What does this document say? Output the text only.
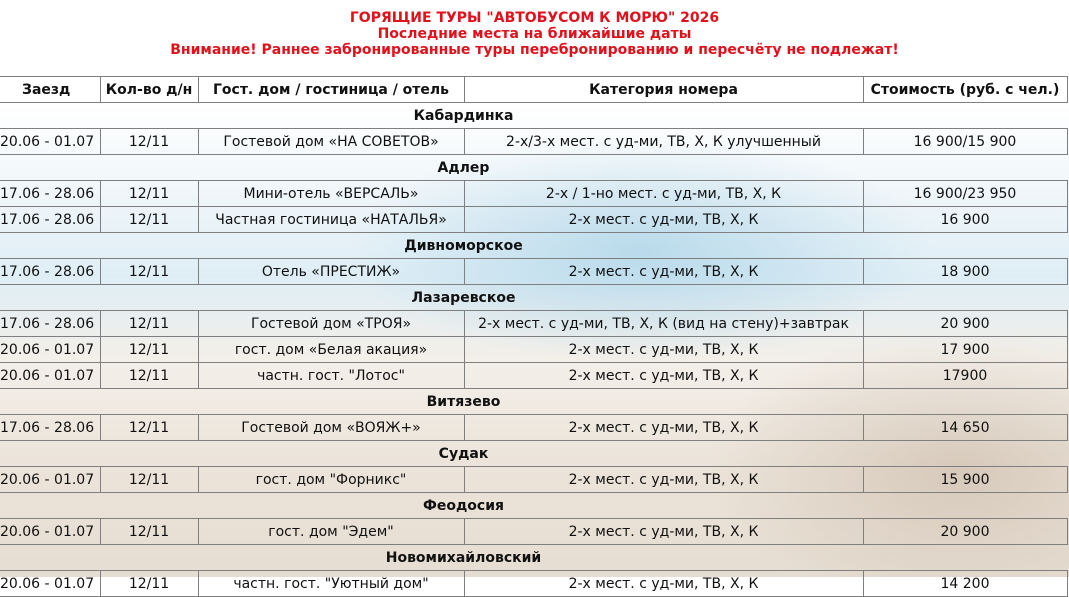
ГОРЯЩИЕ ТУРЫ "АВТОБУСОМ К МОРЮ" 2026
Последние места на ближайшие даты
Внимание! Раннее забронированные туры перебронированию и пересчёту не подлежат!
Заезд	Кол-во д/н	Гост. дом / гостиница / отель	Категория номера	Стоимость (руб. с чел.)
Кабардинка				
20.06 - 01.07	12/11	Гостевой дом «НА СОВЕТОВ»	2-х/3-х мест. с уд-ми, ТВ, Х, К улучшенный	16 900/15 900
Адлер				
17.06 - 28.06	12/11	Мини-отель «ВЕРСАЛЬ»	2-х / 1-но мест. с уд-ми, ТВ, Х, К	16 900/23 950
17.06 - 28.06	12/11	Частная гостиница «НАТАЛЬЯ»	2-х мест. с уд-ми, ТВ, Х, К	16 900
Дивноморское				
17.06 - 28.06	12/11	Отель «ПРЕСТИЖ»	2-х мест. с уд-ми, ТВ, Х, К	18 900
Лазаревское				
17.06 - 28.06	12/11	Гостевой дом «ТРОЯ»	2-х мест. с уд-ми, ТВ, Х, К (вид на стену)+завтрак	20 900
20.06 - 01.07	12/11	гост. дом «Белая акация»	2-х мест. с уд-ми, ТВ, Х, К	17 900
20.06 - 01.07	12/11	частн. гост. "Лотос"	2-х мест. с уд-ми, ТВ, Х, К	17900
Витязево				
17.06 - 28.06	12/11	Гостевой дом «ВОЯЖ+»	2-х мест. с уд-ми, ТВ, Х, К	14 650
Судак				
20.06 - 01.07	12/11	гост. дом "Форникс"	2-х мест. с уд-ми, ТВ, Х, К	15 900
Феодосия				
20.06 - 01.07	12/11	гост. дом "Эдем"	2-х мест. с уд-ми, ТВ, Х, К	20 900
Новомихайловский				
20.06 - 01.07	12/11	частн. гост. "Уютный дом"	2-х мест. с уд-ми, ТВ, Х, К	14 200
